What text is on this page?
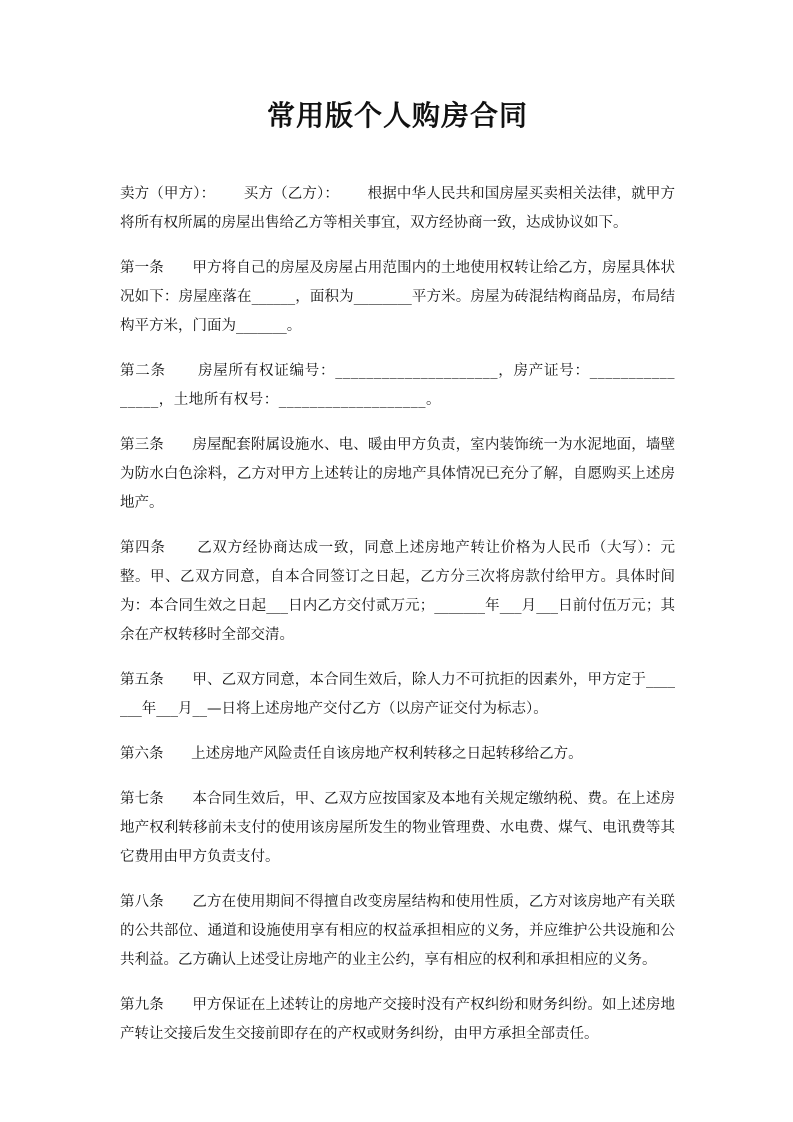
常用版个人购房合同

卖方（甲方）：      买方（乙方）：      根据中华人民共和国房屋买卖相关法律，就甲方将所有权所属的房屋出售给乙方等相关事宜，双方经协商一致，达成协议如下。

第一条      甲方将自己的房屋及房屋占用范围内的土地使用权转让给乙方，房屋具体状况如下：房屋座落在______，面积为________平方米。房屋为砖混结构商品房，布局结构平方米，门面为_______。

第二条      房屋所有权证编号：_____________________，房产证号：________________，土地所有权号：___________________。

第三条      房屋配套附属设施水、电、暖由甲方负责，室内装饰统一为水泥地面，墙壁为防水白色涂料，乙方对甲方上述转让的房地产具体情况已充分了解，自愿购买上述房地产。

第四条      乙双方经协商达成一致，同意上述房地产转让价格为人民币（大写）：元整。甲、乙双方同意，自本合同签订之日起，乙方分三次将房款付给甲方。具体时间为：本合同生效之日起___日内乙方交付贰万元；_______年___月___日前付伍万元；其余在产权转移时全部交清。

第五条      甲、乙双方同意，本合同生效后，除人力不可抗拒的因素外，甲方定于_______年___月__—日将上述房地产交付乙方（以房产证交付为标志）。

第六条      上述房地产风险责任自该房地产权利转移之日起转移给乙方。

第七条      本合同生效后，甲、乙双方应按国家及本地有关规定缴纳税、费。在上述房地产权利转移前未支付的使用该房屋所发生的物业管理费、水电费、煤气、电讯费等其它费用由甲方负责支付。

第八条      乙方在使用期间不得擅自改变房屋结构和使用性质，乙方对该房地产有关联的公共部位、通道和设施使用享有相应的权益承担相应的义务，并应维护公共设施和公共利益。乙方确认上述受让房地产的业主公约，享有相应的权利和承担相应的义务。

第九条      甲方保证在上述转让的房地产交接时没有产权纠纷和财务纠纷。如上述房地产转让交接后发生交接前即存在的产权或财务纠纷，由甲方承担全部责任。
